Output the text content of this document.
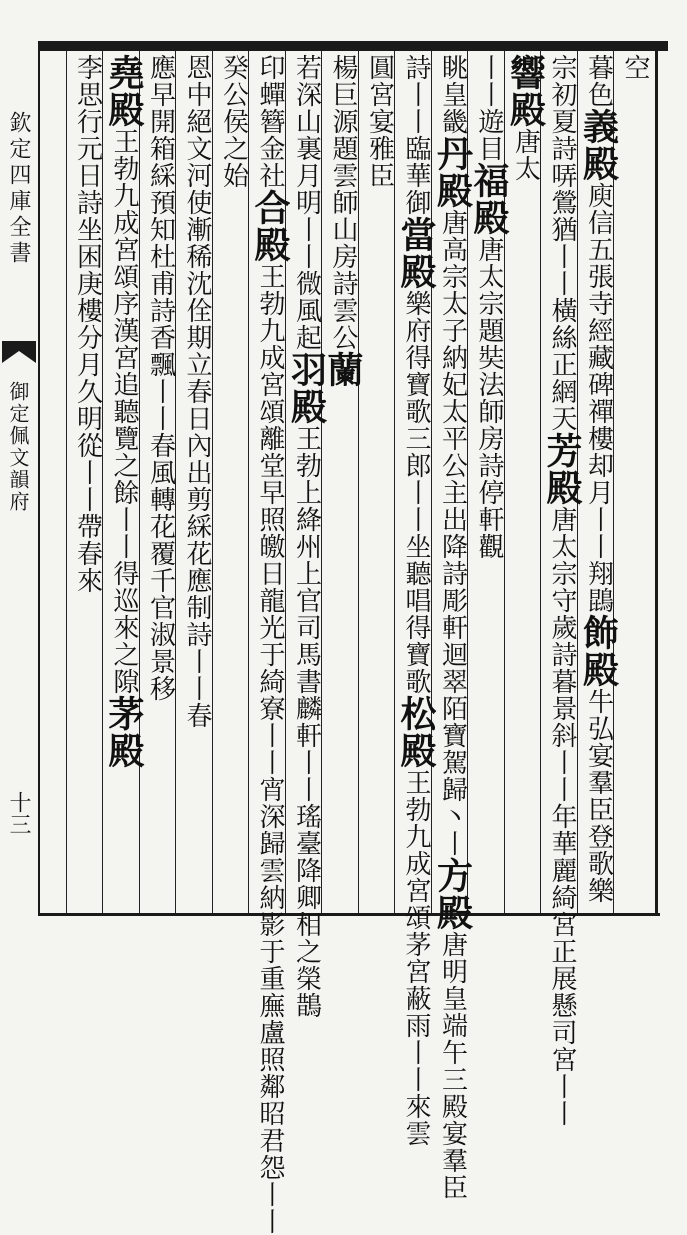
欽定四庫全書
御定佩文韻府
十三
空
暮色義殿庾信五張寺經藏碑禪樓却月丨丨翔鵾飾殿牛弘宴羣臣登歌樂
宗初夏詩哢鶯猶丨丨橫絲正網天芳殿唐太宗守歲詩暮景斜丨丨年華麗綺宮正展懸司宮丨丨
響殿唐太
丨丨遊目福殿唐太宗題奘法師房詩停軒觀
眺皇畿丹殿唐高宗太子納妃太平公主出降詩彫軒迴翠陌寶駕歸丶丨方殿唐明皇端午三殿宴羣臣
詩丨丨臨華御當殿樂府得寶歌三郎丨丨坐聽唱得寶歌松殿王勃九成宮頌茅宮蔽雨丨丨來雲
圓宮宴雅臣
楊巨源題雲師山房詩雲公蘭
若深山裏月明丨丨微風起羽殿王勃上絳州上官司馬書麟軒丨丨瑤臺降卿相之榮鵲
印蟬簪金社合殿王勃九成宮頌離堂早照皦日龍光于綺寮丨丨宵深歸雲納影于重廡盧照鄰昭君怨丨丨
癸公侯之始
恩中絕文河使漸稀沈佺期立春日內出剪綵花應制詩丨丨春
應早開箱綵預知杜甫詩香飄丨丨春風轉花覆千官淑景移
堯殿王勃九成宮頌序漢宮追聽覽之餘丨丨得巡來之隙茅殿
李思行元日詩坐困庚樓分月久明從丨丨帶春來
